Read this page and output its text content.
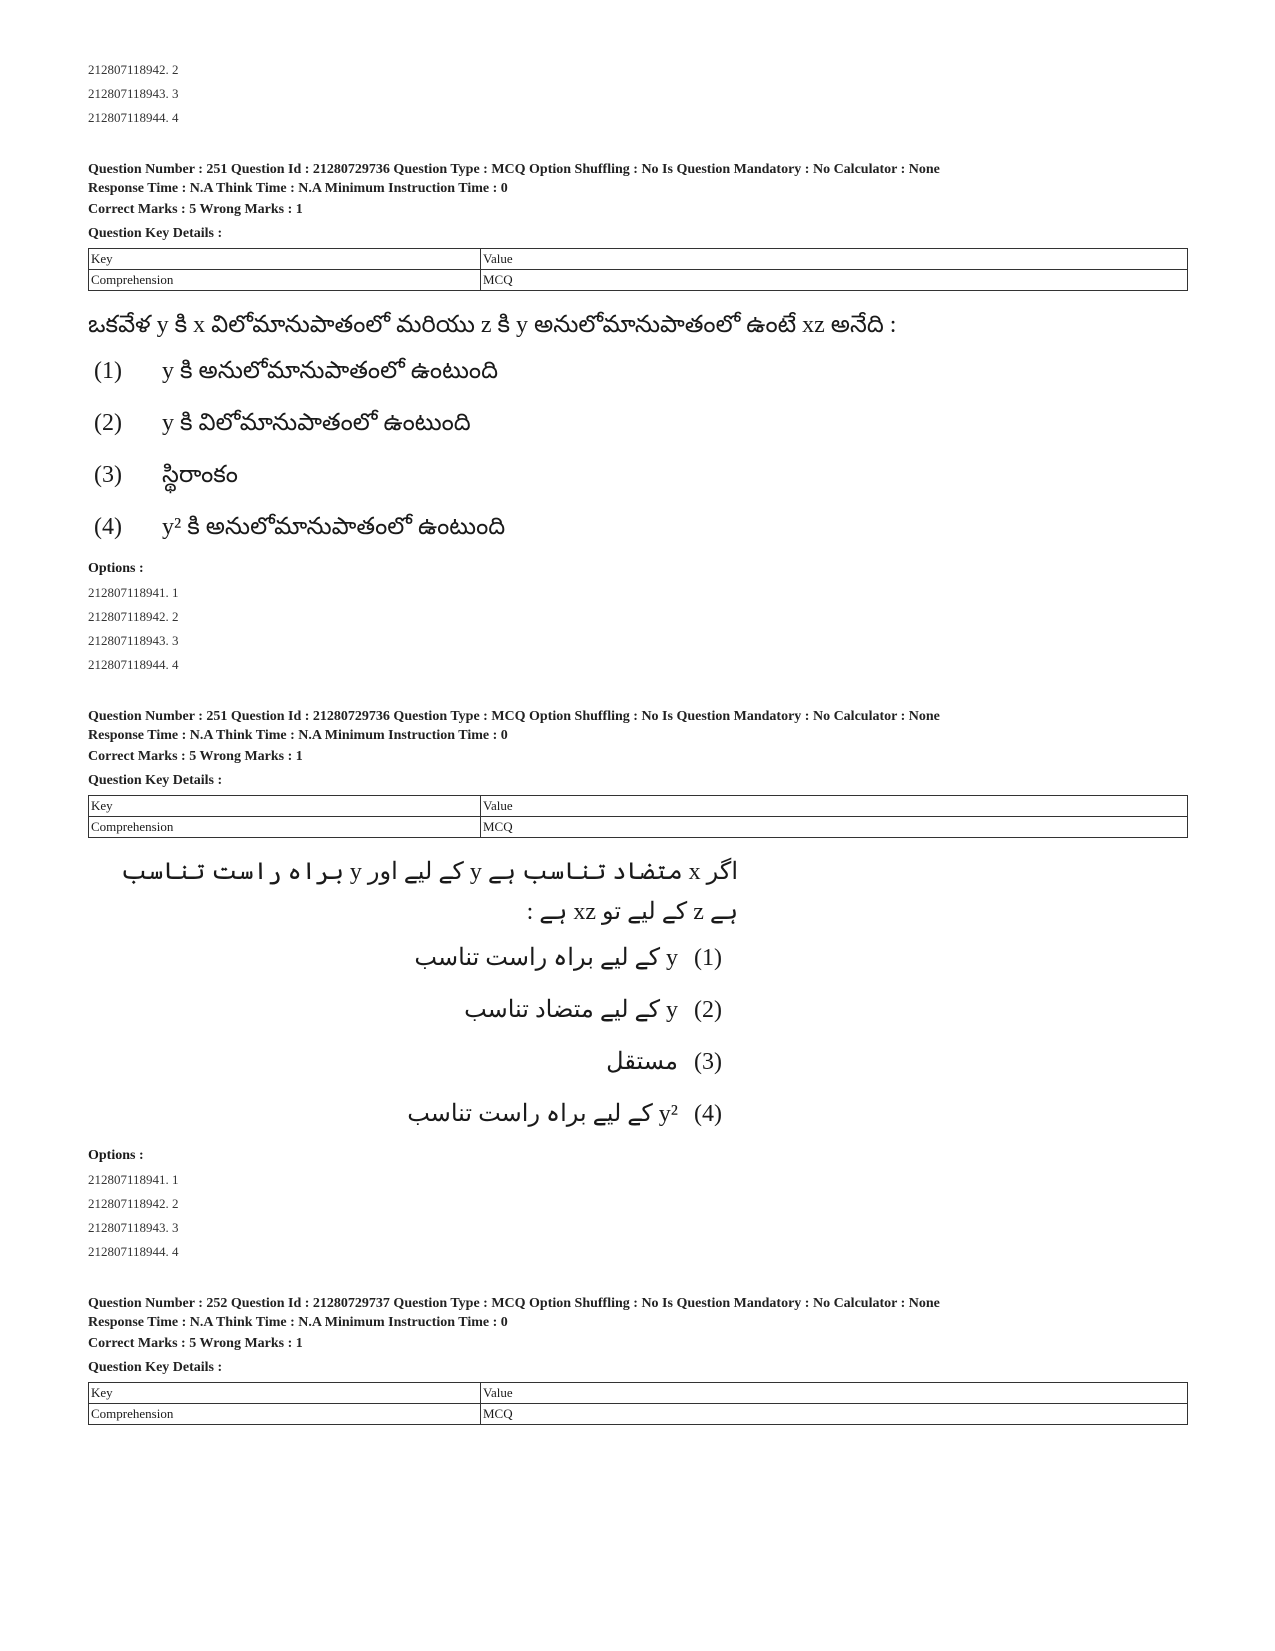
212807118942. 2
212807118943. 3
212807118944. 4
Question Number : 251 Question Id : 21280729736 Question Type : MCQ Option Shuffling : No Is Question Mandatory : No Calculator : None
Response Time : N.A Think Time : N.A Minimum Instruction Time : 0
Correct Marks : 5 Wrong Marks : 1
Question Key Details :
Key	Value
Comprehension	MCQ
ఒకవేళ y కి x విలోమానుపాతంలో మరియు z కి y అనులోమానుపాతంలో ఉంటే xz అనేది :
(1) y కి అనులోమానుపాతంలో ఉంటుంది
(2) y కి విలోమానుపాతంలో ఉంటుంది
(3) స్థిరాంకం
(4) y² కి అనులోమానుపాతంలో ఉంటుంది
Options :
212807118941. 1
212807118942. 2
212807118943. 3
212807118944. 4
Question Number : 251 Question Id : 21280729736 Question Type : MCQ Option Shuffling : No Is Question Mandatory : No Calculator : None
Response Time : N.A Think Time : N.A Minimum Instruction Time : 0
Correct Marks : 5 Wrong Marks : 1
Question Key Details :
Key	Value
Comprehension	MCQ
اگر x متضاد تناسب ہے y کے لیے اور y براہ راست تناسب ہے z کے لیے تو xz ہے :
(1)y کے لیے براہ راست تناسب
(2)y کے لیے متضاد تناسب
(3)مستقل
(4)y² کے لیے براہ راست تناسب
Options :
212807118941. 1
212807118942. 2
212807118943. 3
212807118944. 4
Question Number : 252 Question Id : 21280729737 Question Type : MCQ Option Shuffling : No Is Question Mandatory : No Calculator : None
Response Time : N.A Think Time : N.A Minimum Instruction Time : 0
Correct Marks : 5 Wrong Marks : 1
Question Key Details :
Key	Value
Comprehension	MCQ
